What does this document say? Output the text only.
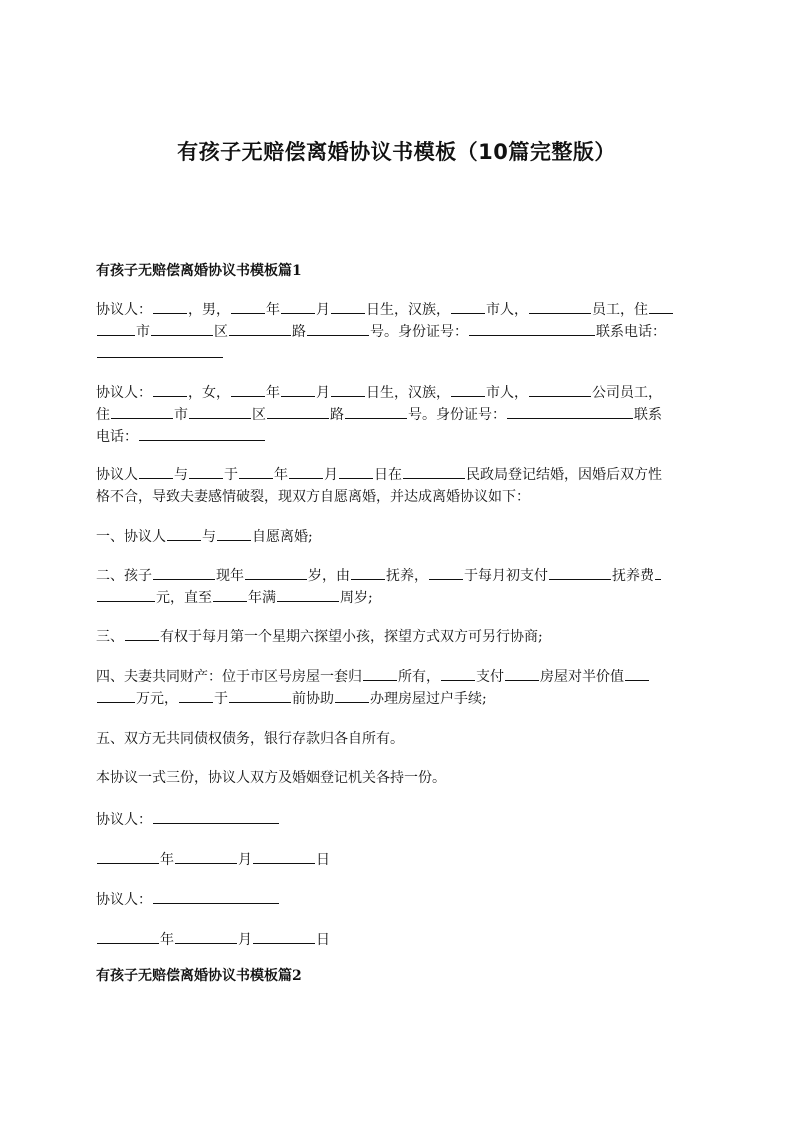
有孩子无赔偿离婚协议书模板（10篇完整版）
有孩子无赔偿离婚协议书模板篇1
协议人：	，男，	年	月	日生，汉族，	市人，	员工，住
市	区	路	号。身份证号：	联系电话：

协议人：	，女，	年	月	日生，汉族，	市人，	公司员工，
住	市	区	路	号。身份证号：	联系
电话：
协议人	与	于	年	月	日在	民政局登记结婚，因婚后双方性
格不合，导致夫妻感情破裂，现双方自愿离婚，并达成离婚协议如下：
一、协议人	与	自愿离婚;
二、孩子	现年	岁，由	抚养，	于每月初支付	抚养费
元，直至	年满	周岁;
三、	有权于每月第一个星期六探望小孩，探望方式双方可另行协商;
四、夫妻共同财产：位于市区号房屋一套归	所有，	支付	房屋对半价值
万元，	于	前协助	办理房屋过户手续;
五、双方无共同债权债务，银行存款归各自所有。
本协议一式三份，协议人双方及婚姻登记机关各持一份。
协议人：
年	月	日
协议人：
年	月	日
有孩子无赔偿离婚协议书模板篇2
